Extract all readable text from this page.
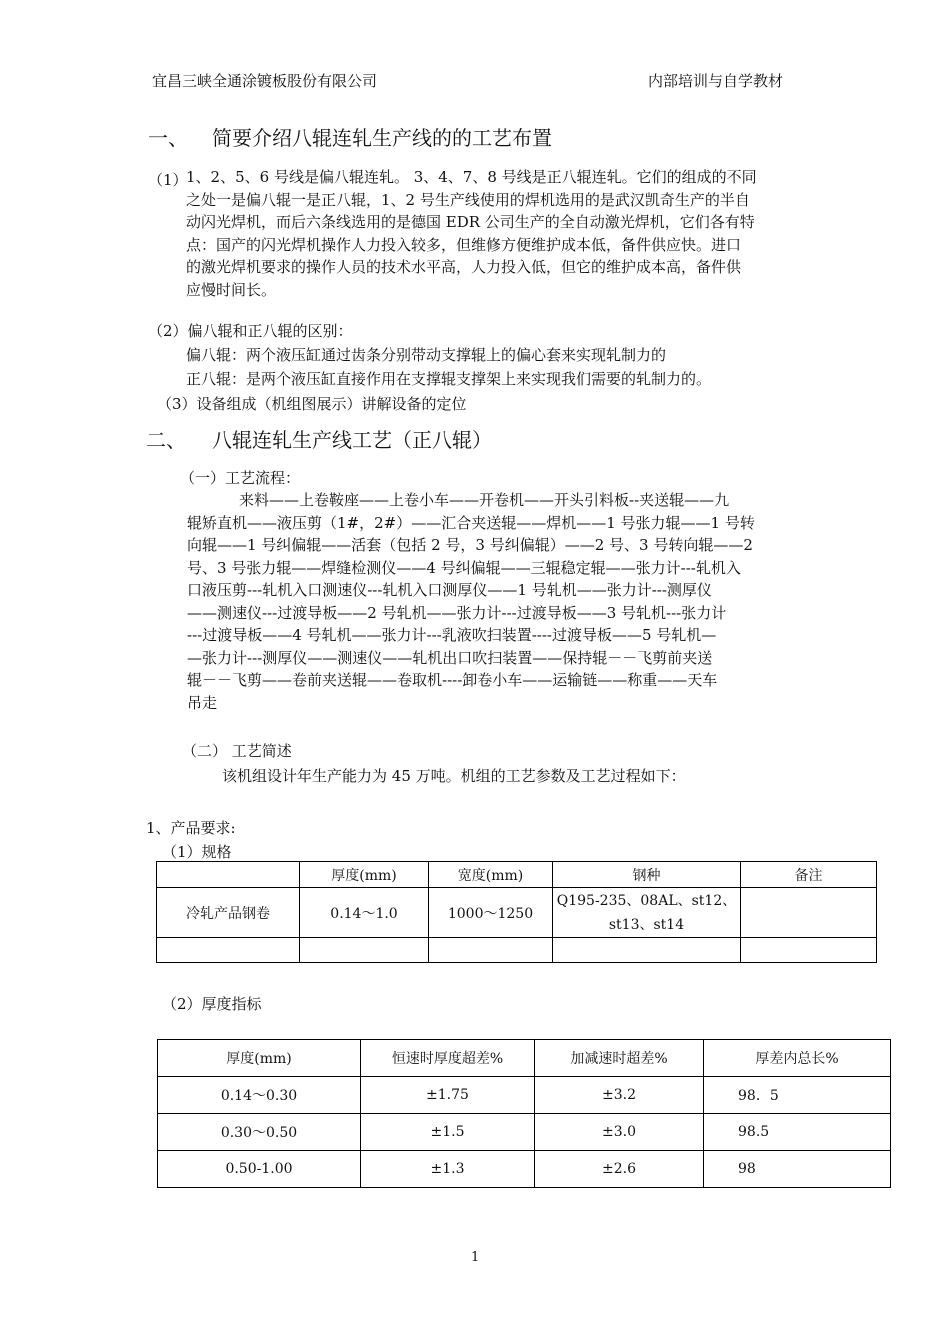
宜昌三峡全通涂镀板股份有限公司	内部培训与自学教材
一、 简要介绍八辊连轧生产线的的工艺布置
（1）

1、2、5、6 号线是偏八辊连轧。 3、4、7、8 号线是正八辊连轧。它们的组成的不同

之处一是偏八辊一是正八辊，1、2 号生产线使用的焊机选用的是武汉凯奇生产的半自

动闪光焊机，而后六条线选用的是德国 EDR 公司生产的全自动激光焊机，它们各有特

点：国产的闪光焊机操作人力投入较多，但维修方便维护成本低，备件供应快。进口

的激光焊机要求的操作人员的技术水平高，人力投入低，但它的维护成本高，备件供

应慢时间长。

（2）偏八辊和正八辊的区别：
偏八辊：两个液压缸通过齿条分别带动支撑辊上的偏心套来实现轧制力的
正八辊：是两个液压缸直接作用在支撑辊支撑架上来实现我们需要的轧制力的。
（3）设备组成（机组图展示）讲解设备的定位
二、 八辊连轧生产线工艺（正八辊）
（一）工艺流程：

来料——上卷鞍座——上卷小车——开卷机——开头引料板--夹送辊——九

辊矫直机——液压剪（1#，2#）——汇合夹送辊——焊机——1 号张力辊——1 号转

向辊——1 号纠偏辊——活套（包括 2 号，3 号纠偏辊）——2 号、3 号转向辊——2

号、3 号张力辊——焊缝检测仪——4 号纠偏辊——三辊稳定辊——张力计---轧机入

口液压剪---轧机入口测速仪---轧机入口测厚仪——1 号轧机——张力计---测厚仪

——测速仪---过渡导板——2 号轧机——张力计---过渡导板——3 号轧机---张力计

---过渡导板——4 号轧机——张力计---乳液吹扫装置----过渡导板——5 号轧机—

—张力计---测厚仪——测速仪——轧机出口吹扫装置——保持辊－－飞剪前夹送

辊－－飞剪——卷前夹送辊——卷取机----卸卷小车——运输链——称重——天车

吊走

（二） 工艺简述
该机组设计年生产能力为 45 万吨。机组的工艺参数及工艺过程如下：
1、产品要求:
（1）规格
	厚度(mm)	宽度(mm)	钢种	备注
冷轧产品钢卷	0.14～1.0	1000～1250	Q195-235、08AL、st12、
st13、st14	

（2）厚度指标
厚度(mm)	恒速时厚度超差%	加减速时超差%	厚差内总长%
0.14～0.30	±1.75	±3.2	98．5
0.30～0.50	±1.5	±3.0	98.5
0.50-1.00	±1.3	±2.6	98
1
